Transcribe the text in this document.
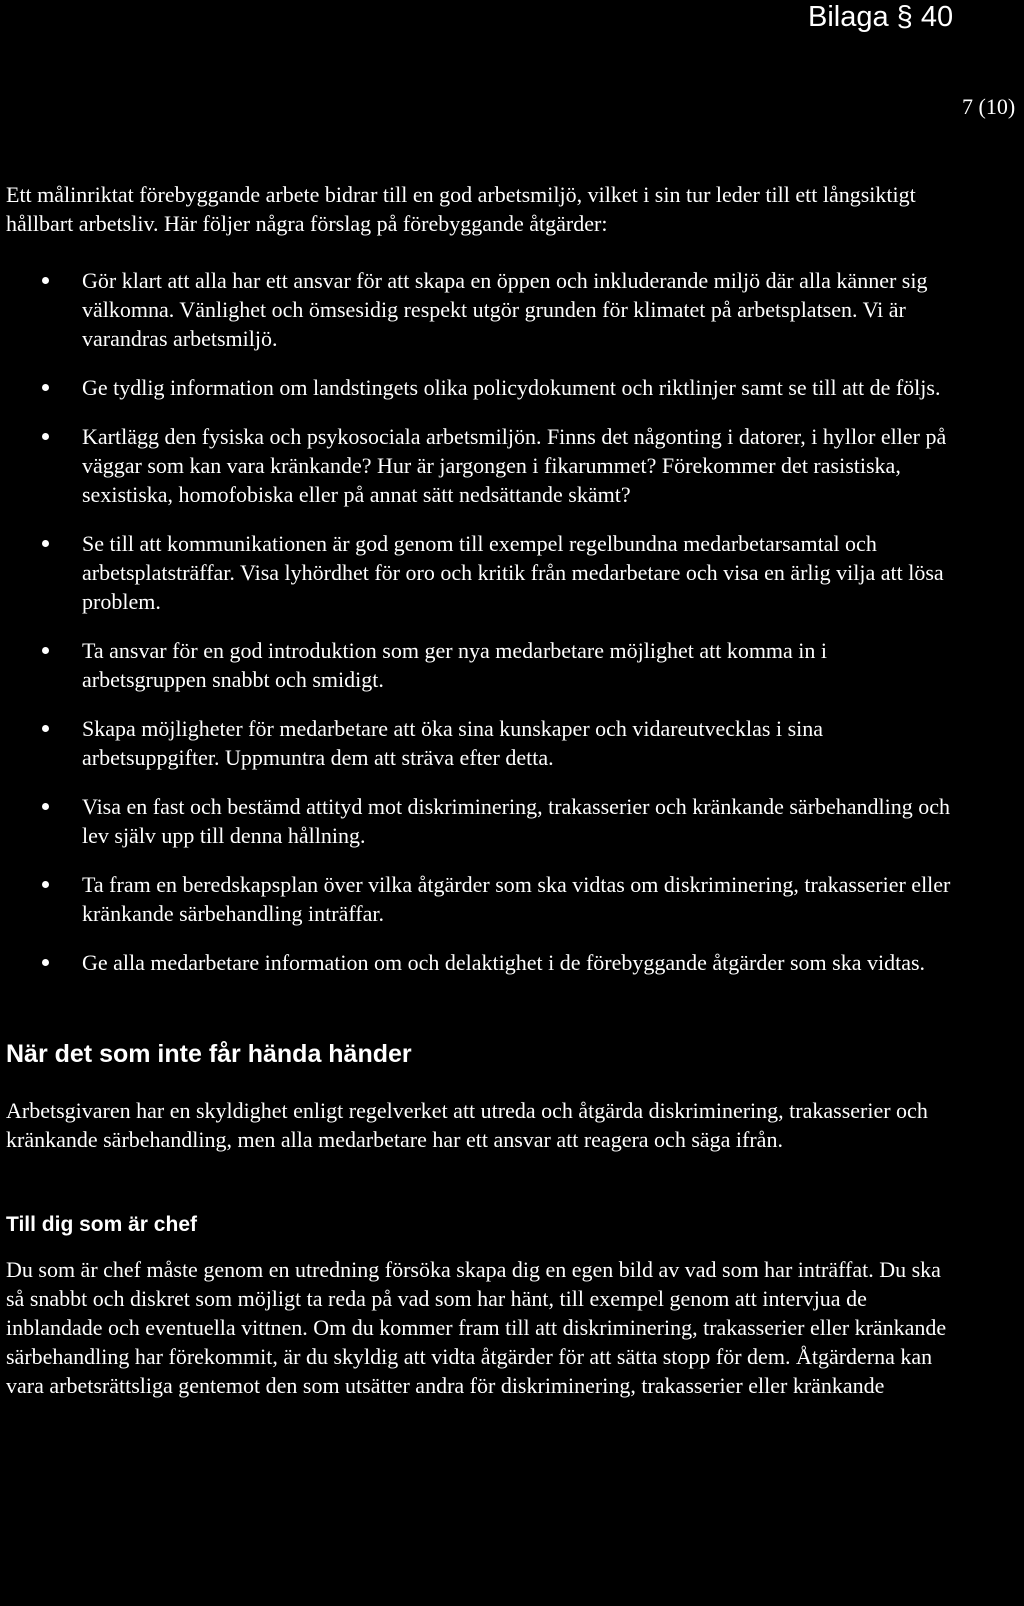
Bilaga § 40
7 (10)

Ett målinriktat förebyggande arbete bidrar till en god arbetsmiljö, vilket i sin tur leder till ett långsiktigt hållbart arbetsliv. Här följer några förslag på förebyggande åtgärder:

Gör klart att alla har ett ansvar för att skapa en öppen och inkluderande miljö där alla känner sig välkomna. Vänlighet och ömsesidig respekt utgör grunden för klimatet på arbetsplatsen. Vi är varandras arbetsmiljö.
Ge tydlig information om landstingets olika policydokument och riktlinjer samt se till att de följs.
Kartlägg den fysiska och psykosociala arbetsmiljön. Finns det någonting i datorer, i hyllor eller på väggar som kan vara kränkande? Hur är jargongen i fikarummet? Förekommer det rasistiska, sexistiska, homofobiska eller på annat sätt nedsättande skämt?
Se till att kommunikationen är god genom till exempel regelbundna medarbetarsamtal och arbetsplatsträffar. Visa lyhördhet för oro och kritik från medarbetare och visa en ärlig vilja att lösa problem.
Ta ansvar för en god introduktion som ger nya medarbetare möjlighet att komma in i arbetsgruppen snabbt och smidigt.
Skapa möjligheter för medarbetare att öka sina kunskaper och vidareutvecklas i sina arbetsuppgifter. Uppmuntra dem att sträva efter detta.
Visa en fast och bestämd attityd mot diskriminering, trakasserier och kränkande särbehandling och lev själv upp till denna hållning.
Ta fram en beredskapsplan över vilka åtgärder som ska vidtas om diskriminering, trakasserier eller kränkande särbehandling inträffar.
Ge alla medarbetare information om och delaktighet i de förebyggande åtgärder som ska vidtas.
När det som inte får hända händer

Arbetsgivaren har en skyldighet enligt regelverket att utreda och åtgärda diskriminering, trakasserier och kränkande särbehandling, men alla medarbetare har ett ansvar att reagera och säga ifrån.

Till dig som är chef

Du som är chef måste genom en utredning försöka skapa dig en egen bild av vad som har inträffat. Du ska så snabbt och diskret som möjligt ta reda på vad som har hänt, till exempel genom att intervjua de inblandade och eventuella vittnen. Om du kommer fram till att diskriminering, trakasserier eller kränkande särbehandling har förekommit, är du skyldig att vidta åtgärder för att sätta stopp för dem. Åtgärderna kan vara arbetsrättsliga gentemot den som utsätter andra för diskriminering, trakasserier eller kränkande
